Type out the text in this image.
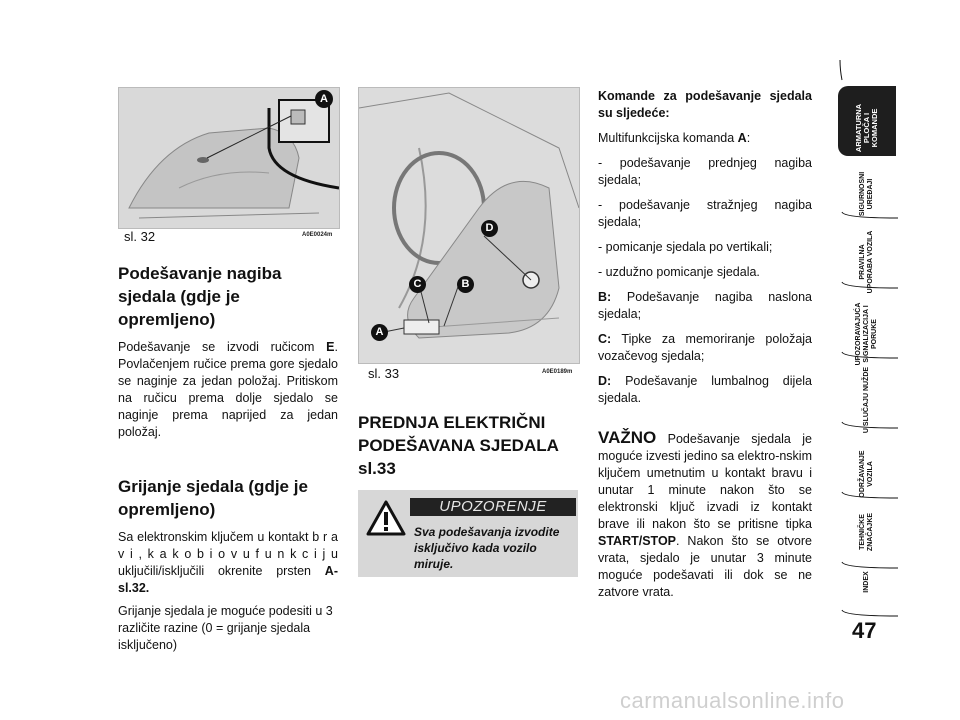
A
sl. 32	A0E0024m
D
C	B
A
sl. 33	A0E0189m
Podešavanje nagiba sjedala (gdje je opremljeno)

Podešavanje se izvodi ručicom E. Povlačenjem ručice prema gore sjedalo se naginje za jedan položaj. Pritiskom na ručicu prema dolje sjedalo se naginje prema naprijed za jedan položaj.

Grijanje sjedala (gdje je opremljeno)

Sa elektronskim ključem u kontakt b r a v i , k a k o b i o v u f u n k c i j u uključili/isključili okrenite prsten A-sl.32.

Grijanje sjedala je moguće podesiti u 3 različite razine (0 = grijanje sjedala isključeno)

PREDNJA ELEKTRIČNI PODEŠAVANA SJEDALA sl.33
UPOZORENJE
Sva podešavanja izvodite isključivo kada vozilo miruje.

Komande za podešavanje sjedala su sljedeće:

Multifunkcijska komanda A:

- podešavanje prednjeg nagiba sjedala;

- podešavanje stražnjeg nagiba sjedala;

- pomicanje sjedala po vertikali;

- uzdužno pomicanje sjedala.

B: Podešavanje nagiba naslona sjedala;

C: Tipke za memoriranje položaja vozačevog sjedala;

D: Podešavanje lumbalnog dijela sjedala.

VAŽNO Podešavanje sjedala je moguće izvesti jedino sa elektro-nskim ključem umetnutim u kontakt bravu i unutar 1 minute nakon što se elektronski ključ izvadi iz kontakt brave ili nakon što se pritisne tipka START/STOP. Nakon što se otvore vrata, sjedalo je unutar 3 minute moguće podešavati ili dok se ne zatvore vrata.

ARMATURNA PLOČA I KOMANDE
SIGURNOSNI UREĐAJI
PRAVILNA UPORABA VOZILA
UPOZORAVAJUĆA SIGNALIZACIJA I PORUKE
U SLUČAJU NUŽDE
ODRŽAVANJE VOZILA
TEHNIČKE ZNAČAJKE
INDEX
47
carmanualsonline.info
